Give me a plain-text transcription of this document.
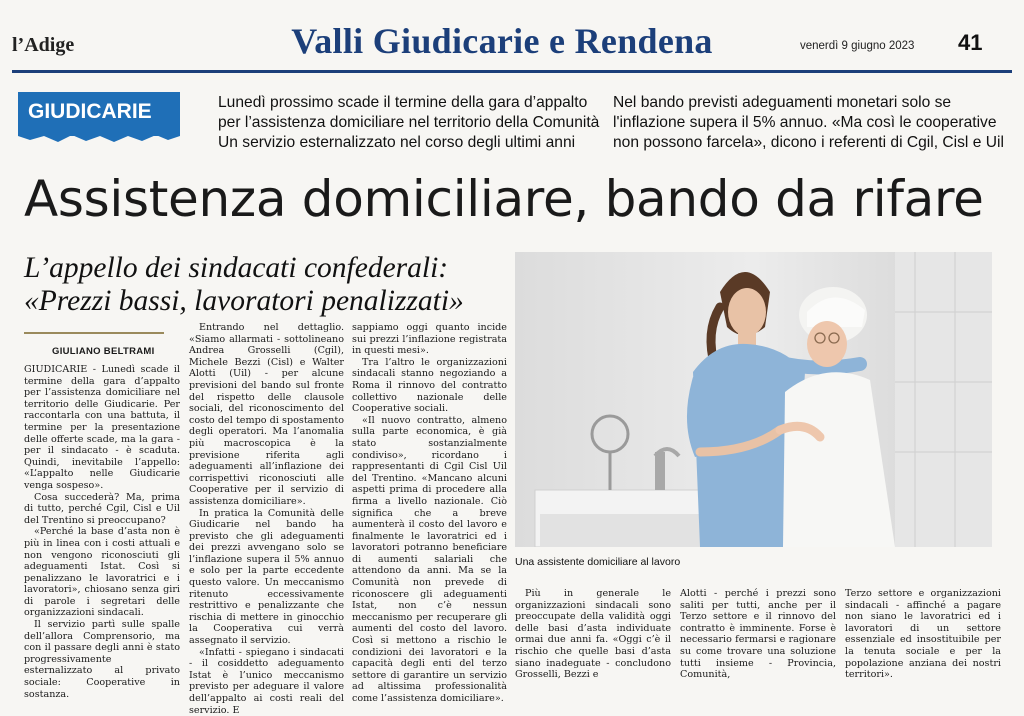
l’Adige	Valli Giudicarie e Rendena	venerdì 9 giugno 2023 41
GIUDICARIE	Lunedì prossimo scade il termine della gara d’appalto per l’assistenza domiciliare nel territorio della Comunità Un servizio esternalizzato nel corso degli ultimi anni
Nel bando previsti adeguamenti monetari solo se l'inflazione supera il 5% annuo. «Ma così le cooperative non possono farcela», dicono i referenti di Cgil, Cisl e Uil
Assistenza domiciliare, bando da rifare
L’appello dei sindacati confederali:
«Prezzi bassi, lavoratori penalizzati»
GIULIANO BELTRAMI

GIUDICARIE - Lunedì scade il termine della gara d’appalto per l’assistenza domiciliare nel territorio delle Giudicarie. Per raccontarla con una battuta, il termine per la presentazione delle offerte scade, ma la gara - per il sindacato - è scaduta. Quindi, inevitabile l’appello: «L’appalto nelle Giudicarie venga sospeso».

Cosa succederà? Ma, prima di tutto, perché Cgil, Cisl e Uil del Trentino si preoccupano?

«Perché la base d’asta non è più in linea con i costi attuali e non vengono riconosciuti gli adeguamenti Istat. Così si penalizzano le lavoratrici e i lavoratori», chiosano senza giri di parole i segretari delle organizzazioni sindacali.

Il servizio partì sulle spalle dell’allora Comprensorio, ma con il passare degli anni è stato progressivamente esternalizzato al privato sociale: Cooperative in sostanza.

Entrando nel dettaglio. «Siamo allarmati - sottolineano Andrea Grosselli (Cgil), Michele Bezzi (Cisl) e Walter Alotti (Uil) - per alcune previsioni del bando sul fronte del rispetto delle clausole sociali, del riconoscimento del costo del tempo di spostamento degli operatori. Ma l’anomalia più macroscopica è la previsione riferita agli adeguamenti all’inflazione dei corrispettivi riconosciuti alle Cooperative per il servizio di assistenza domiciliare».

In pratica la Comunità delle Giudicarie nel bando ha previsto che gli adeguamenti dei prezzi avvengano solo se l’inflazione supera il 5% annuo e solo per la parte eccedente questo valore. Un meccanismo ritenuto eccessivamente restrittivo e penalizzante che rischia di mettere in ginocchio la Cooperativa cui verrà assegnato il servizio.

«Infatti - spiegano i sindacati - il cosiddetto adeguamento Istat è l’unico meccanismo previsto per adeguare il valore dell’appalto ai costi reali del servizio. E

sappiamo oggi quanto incide sui prezzi l’inflazione registrata in questi mesi».

Tra l’altro le organizzazioni sindacali stanno negoziando a Roma il rinnovo del contratto collettivo nazionale delle Cooperative sociali.

«Il nuovo contratto, almeno sulla parte economica, è già stato sostanzialmente condiviso», ricordano i rappresentanti di Cgil Cisl Uil del Trentino. «Mancano alcuni aspetti prima di procedere alla firma a livello nazionale. Ciò significa che a breve aumenterà il costo del lavoro e finalmente le lavoratrici ed i lavoratori potranno beneficiare di aumenti salariali che attendono da anni. Ma se la Comunità non prevede di riconoscere gli adeguamenti Istat, non c’è nessun meccanismo per recuperare gli aumenti del costo del lavoro. Così si mettono a rischio le condizioni dei lavoratori e la capacità degli enti del terzo settore di garantire un servizio ad altissima professionalità come l’assistenza domiciliare».

Una assistente domiciliare al lavoro

Più in generale le organizzazioni sindacali sono preoccupate della validità oggi delle basi d’asta individuate ormai due anni fa. «Oggi c’è il rischio che quelle basi d’asta siano inadeguate - concludono Grosselli, Bezzi e

Alotti - perché i prezzi sono saliti per tutti, anche per il Terzo settore e il rinnovo del contratto è imminente. Forse è necessario fermarsi e ragionare su come trovare una soluzione tutti insieme - Provincia, Comunità,

Terzo settore e organizzazioni sindacali - affinché a pagare non siano le lavoratrici ed i lavoratori di un settore essenziale ed insostituibile per la tenuta sociale e per la popolazione anziana dei nostri territori».
